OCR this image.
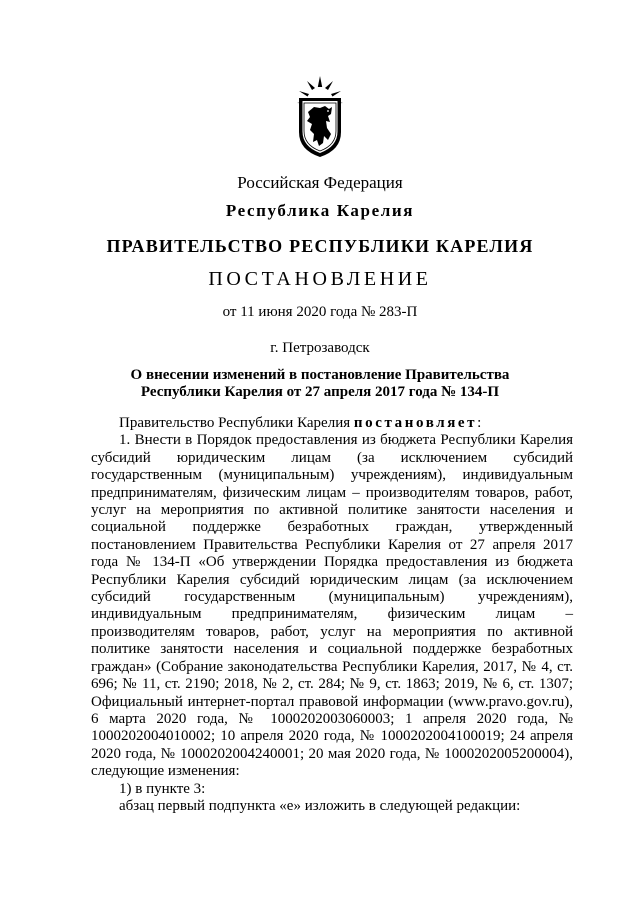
Российская Федерация
Республика Карелия
ПРАВИТЕЛЬСТВО РЕСПУБЛИКИ КАРЕЛИЯ
ПОСТАНОВЛЕНИЕ
от 11 июня 2020 года № 283-П
г. Петрозаводск
О внесении изменений в постановление Правительства
Республики Карелия от 27 апреля 2017 года № 134-П

Правительство Республики Карелия постановляет:

1. Внести в Порядок предоставления из бюджета Республики Карелия субсидий юридическим лицам (за исключением субсидий государственным (муниципальным) учреждениям), индивидуальным предпринимателям, физическим лицам – производителям товаров, работ, услуг на мероприятия по активной политике занятости населения и социальной поддержке безработных граждан, утвержденный постановлением Правительства Республики Карелия от 27 апреля 2017 года № 134-П «Об утверждении Порядка предоставления из бюджета Республики Карелия субсидий юридическим лицам (за исключением субсидий государственным (муниципальным) учреждениям), индивидуальным предпринимателям, физическим лицам – производителям товаров, работ, услуг на мероприятия по активной политике занятости населения и социальной поддержке безработных граждан» (Собрание законодательства Республики Карелия, 2017, № 4, ст. 696; № 11, ст. 2190; 2018, № 2, ст. 284; № 9, ст. 1863; 2019, № 6, ст. 1307; Официальный интернет-портал правовой информации (www.pravo.gov.ru), 6 марта 2020 года, № 1000202003060003; 1 апреля 2020 года, № 1000202004010002; 10 апреля 2020 года, № 1000202004100019; 24 апреля 2020 года, № 1000202004240001; 20 мая 2020 года, № 1000202005200004), следующие изменения:

1) в пункте 3:

абзац первый подпункта «е» изложить в следующей редакции:
